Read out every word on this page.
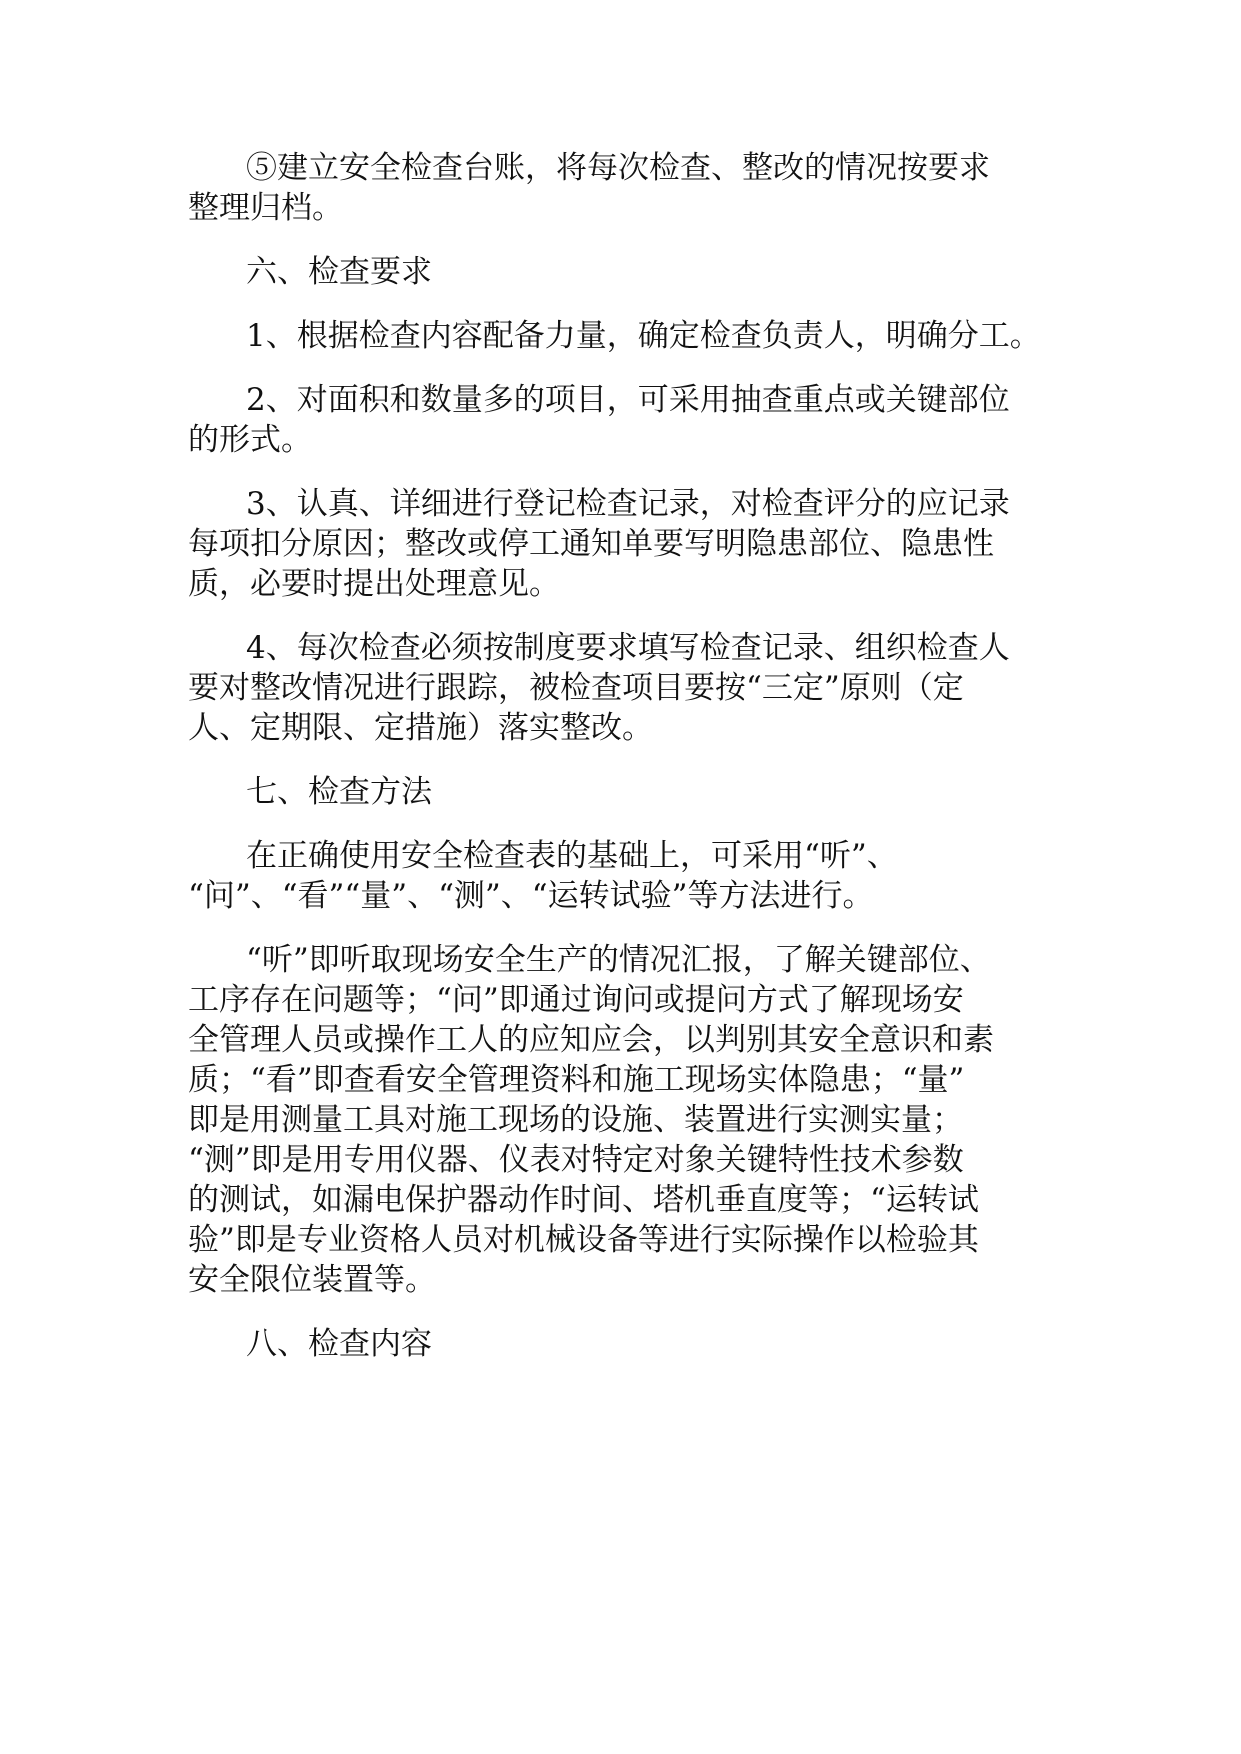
⑤建立安全检查台账，将每次检查、整改的情况按要求
整理归档。
六、检查要求
1、根据检查内容配备力量，确定检查负责人，明确分工。
2、对面积和数量多的项目，可采用抽查重点或关键部位
的形式。
3、认真、详细进行登记检查记录，对检查评分的应记录
每项扣分原因；整改或停工通知单要写明隐患部位、隐患性
质，必要时提出处理意见。
4、每次检查必须按制度要求填写检查记录、组织检查人
要对整改情况进行跟踪，被检查项目要按“三定”原则（定
人、定期限、定措施）落实整改。
七、检查方法
在正确使用安全检查表的基础上，可采用“听”、
“问”、“看”“量”、“测”、“运转试验”等方法进行。
“听”即听取现场安全生产的情况汇报，了解关键部位、
工序存在问题等；“问”即通过询问或提问方式了解现场安
全管理人员或操作工人的应知应会，以判别其安全意识和素
质；“看”即查看安全管理资料和施工现场实体隐患；“量”
即是用测量工具对施工现场的设施、装置进行实测实量；
“测”即是用专用仪器、仪表对特定对象关键特性技术参数
的测试，如漏电保护器动作时间、塔机垂直度等；“运转试
验”即是专业资格人员对机械设备等进行实际操作以检验其
安全限位装置等。
八、检查内容
